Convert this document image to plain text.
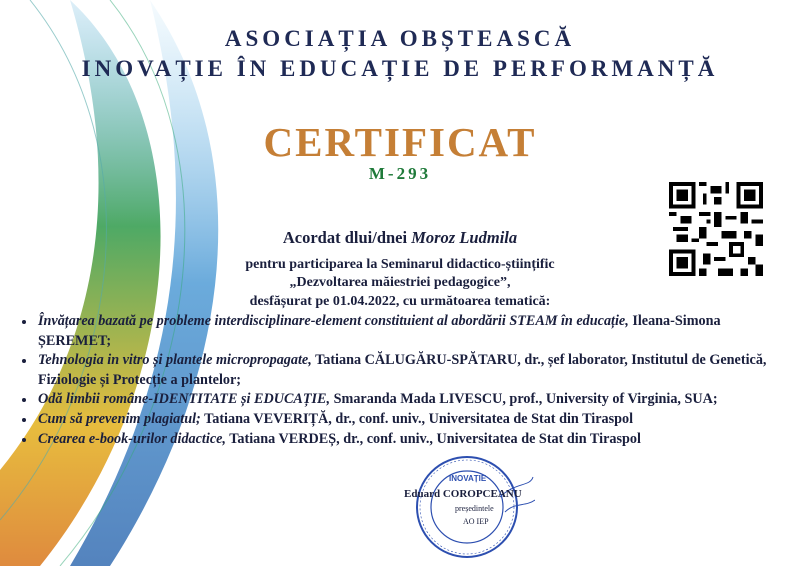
ASOCIAȚIA OBȘTEASCĂ
INOVAȚIE ÎN EDUCAȚIE DE PERFORMANȚĂ
CERTIFICAT
M-293
Acordat dlui/dnei Moroz Ludmila
pentru participarea la Seminarul didactico-științific
„Dezvoltarea măiestriei pedagogice”,
desfășurat pe 01.04.2022, cu următoarea tematică:
• Învățarea bazată pe probleme interdisciplinare-element constituient al abordării STEAM în educație, Ileana-Simona ȘEREMET;
• Tehnologia in vitro și plantele micropropagate, Tatiana CĂLUGĂRU-SPĂTARU, dr., șef laborator, Institutul de Genetică, Fiziologie și Protecție a plantelor;
• Odă limbii române-IDENTITATE și EDUCAȚIE, Smaranda Mada LIVESCU, prof., University of Virginia, SUA;
• Cum să prevenim plagiatul; Tatiana VEVERIȚĂ, dr., conf. univ., Universitatea de Stat din Tiraspol
• Crearea e-book-urilor didactice, Tatiana VERDEȘ, dr., conf. univ., Universitatea de Stat din Tiraspol
INOVAȚIE
Eduard COROPCEANU
președintele
AO IEP
